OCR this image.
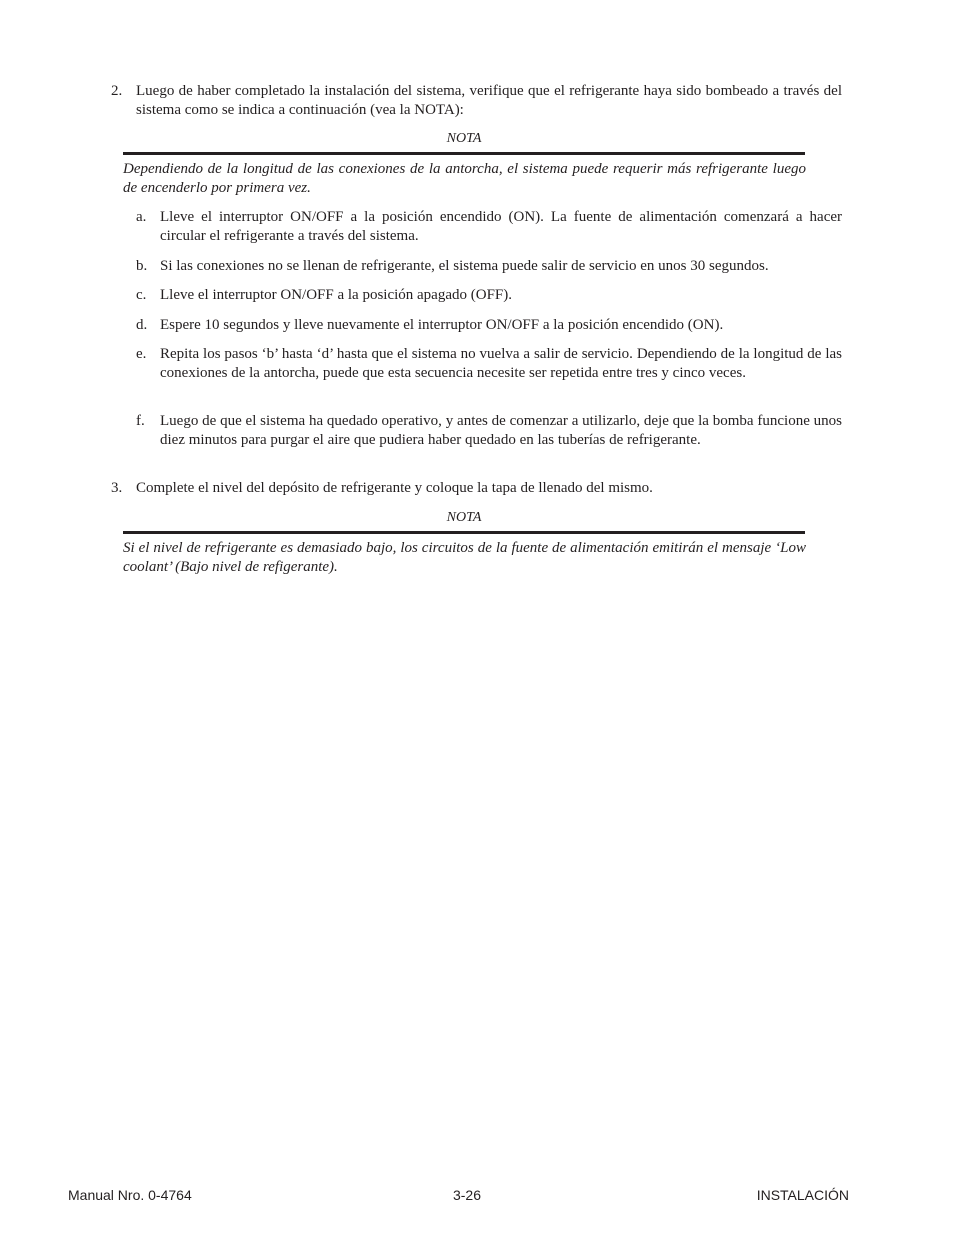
2. Luego de haber completado la instalación del sistema, verifique que el refrigerante haya sido bombeado a través del sistema como se indica a continuación (vea la NOTA):
NOTA
Dependiendo de la longitud de las conexiones de la antorcha, el sistema puede requerir más refrigerante luego de encenderlo por primera vez.
a. Lleve el interruptor ON/OFF a la posición encendido (ON). La fuente de alimentación comenzará a hacer circular el refrigerante a través del sistema.
b. Si las conexiones no se llenan de refrigerante, el sistema puede salir de servicio en unos 30 segundos.
c. Lleve el interruptor ON/OFF a la posición apagado (OFF).
d. Espere 10 segundos y lleve nuevamente el interruptor ON/OFF a la posición encendido (ON).
e. Repita los pasos ‘b’ hasta ‘d’ hasta que el sistema no vuelva a salir de servicio. Dependiendo de la longitud de las conexiones de la antorcha, puede que esta secuencia necesite ser repetida entre tres y cinco veces.
f. Luego de que el sistema ha quedado operativo, y antes de comenzar a utilizarlo, deje que la bomba funcione unos diez minutos para purgar el aire que pudiera haber quedado en las tuberías de refrigerante.
3. Complete el nivel del depósito de refrigerante y coloque la tapa de llenado del mismo.
NOTA
Si el nivel de refrigerante es demasiado bajo, los circuitos de la fuente de alimentación emitirán el mensaje ‘Low coolant’ (Bajo nivel de refigerante).
Manual Nro. 0-4764	3-26	INSTALACIÓN
